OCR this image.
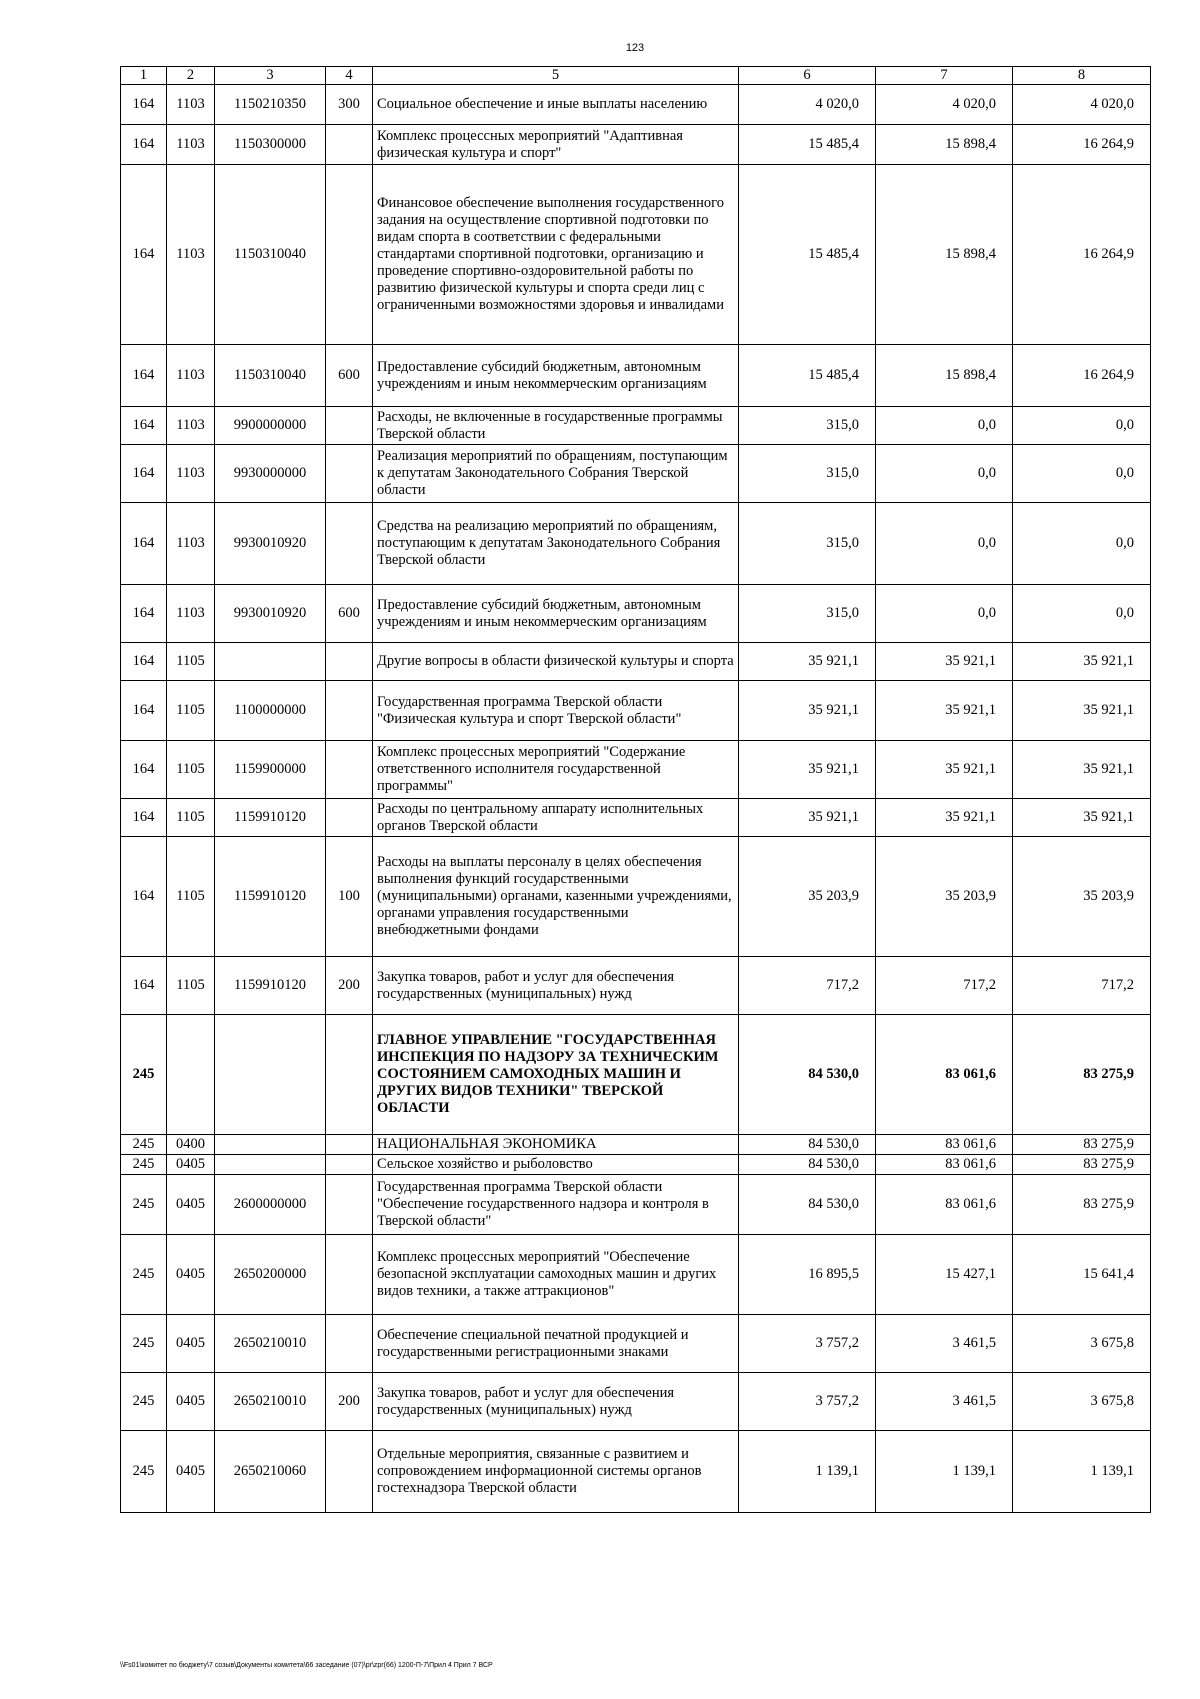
123
1	2	3	4	5	6	7	8
164	1103	1150210350	300	Социальное обеспечение и иные выплаты населению	4 020,0	4 020,0	4 020,0
164	1103	1150300000		Комплекс процессных мероприятий "Адаптивная физическая культура и спорт"	15 485,4	15 898,4	16 264,9
164	1103	1150310040		Финансовое обеспечение выполнения государственного задания на осуществление спортивной подготовки по видам спорта в соответствии с федеральными стандартами спортивной подготовки, организацию и проведение спортивно-оздоровительной работы по развитию физической культуры и спорта среди лиц с ограниченными возможностями здоровья и инвалидами	15 485,4	15 898,4	16 264,9
164	1103	1150310040	600	Предоставление субсидий бюджетным, автономным учреждениям и иным некоммерческим организациям	15 485,4	15 898,4	16 264,9
164	1103	9900000000		Расходы, не включенные в государственные программы Тверской области	315,0	0,0	0,0
164	1103	9930000000		Реализация мероприятий по обращениям, поступающим к депутатам Законодательного Собрания Тверской области	315,0	0,0	0,0
164	1103	9930010920		Средства на реализацию мероприятий по обращениям, поступающим к депутатам Законодательного Собрания Тверской области	315,0	0,0	0,0
164	1103	9930010920	600	Предоставление субсидий бюджетным, автономным учреждениям и иным некоммерческим организациям	315,0	0,0	0,0
164	1105			Другие вопросы в области физической культуры и спорта	35 921,1	35 921,1	35 921,1
164	1105	1100000000		Государственная программа Тверской области "Физическая культура и спорт Тверской области"	35 921,1	35 921,1	35 921,1
164	1105	1159900000		Комплекс процессных мероприятий "Содержание ответственного исполнителя государственной программы"	35 921,1	35 921,1	35 921,1
164	1105	1159910120		Расходы по центральному аппарату исполнительных органов Тверской области	35 921,1	35 921,1	35 921,1
164	1105	1159910120	100	Расходы на выплаты персоналу в целях обеспечения выполнения функций государственными (муниципальными) органами, казенными учреждениями, органами управления государственными внебюджетными фондами	35 203,9	35 203,9	35 203,9
164	1105	1159910120	200	Закупка товаров, работ и услуг для обеспечения государственных (муниципальных) нужд	717,2	717,2	717,2
245				ГЛАВНОЕ УПРАВЛЕНИЕ "ГОСУДАРСТВЕННАЯ ИНСПЕКЦИЯ ПО НАДЗОРУ ЗА ТЕХНИЧЕСКИМ СОСТОЯНИЕМ САМОХОДНЫХ МАШИН И ДРУГИХ ВИДОВ ТЕХНИКИ" ТВЕРСКОЙ ОБЛАСТИ	84 530,0	83 061,6	83 275,9
245	0400			НАЦИОНАЛЬНАЯ ЭКОНОМИКА	84 530,0	83 061,6	83 275,9
245	0405			Сельское хозяйство и рыболовство	84 530,0	83 061,6	83 275,9
245	0405	2600000000		Государственная программа Тверской области "Обеспечение государственного надзора и контроля в Тверской области"	84 530,0	83 061,6	83 275,9
245	0405	2650200000		Комплекс процессных мероприятий "Обеспечение безопасной эксплуатации самоходных машин и других видов техники, а также аттракционов"	16 895,5	15 427,1	15 641,4
245	0405	2650210010		Обеспечение специальной печатной продукцией и государственными регистрационными знаками	3 757,2	3 461,5	3 675,8
245	0405	2650210010	200	Закупка товаров, работ и услуг для обеспечения государственных (муниципальных) нужд	3 757,2	3 461,5	3 675,8
245	0405	2650210060		Отдельные мероприятия, связанные с развитием и сопровождением информационной системы органов гостехнадзора Тверской области	1 139,1	1 139,1	1 139,1
\\Fs01\комитет по бюджету\7 созыв\Документы комитета\66 заседание (07)\pr\zpr(66) 1200-П-7\Прил 4 Прил 7 ВСР
